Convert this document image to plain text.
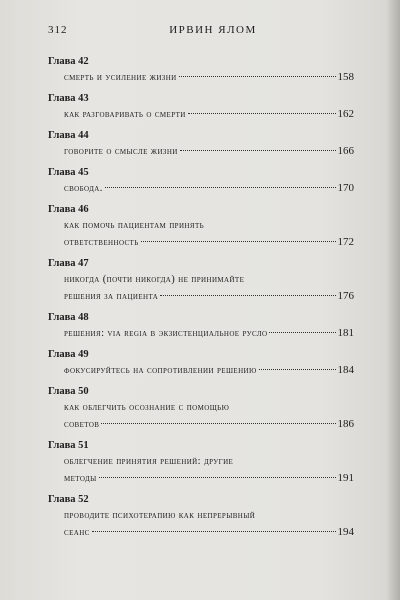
312	ИРВИН ЯЛОМ
Глава 42
смерть и усиление жизни	158
Глава 43
как разговаривать о смерти	162
Глава 44
говорите о смысле жизни	166
Глава 45
свобода.	170
Глава 46
как помочь пациентам принять
ответственность	172
Глава 47
никогда (почти никогда) не принимайте
решения за пациента	176
Глава 48
решения: via regia в экзистенциальное русло	181
Глава 49
фокусируйтесь на сопротивлении решению	184
Глава 50
как облегчить осознание с помощью
советов	186
Глава 51
облегчение принятия решений: другие
методы	191
Глава 52
проводите психотерапию как непрерывный
сеанс	194
